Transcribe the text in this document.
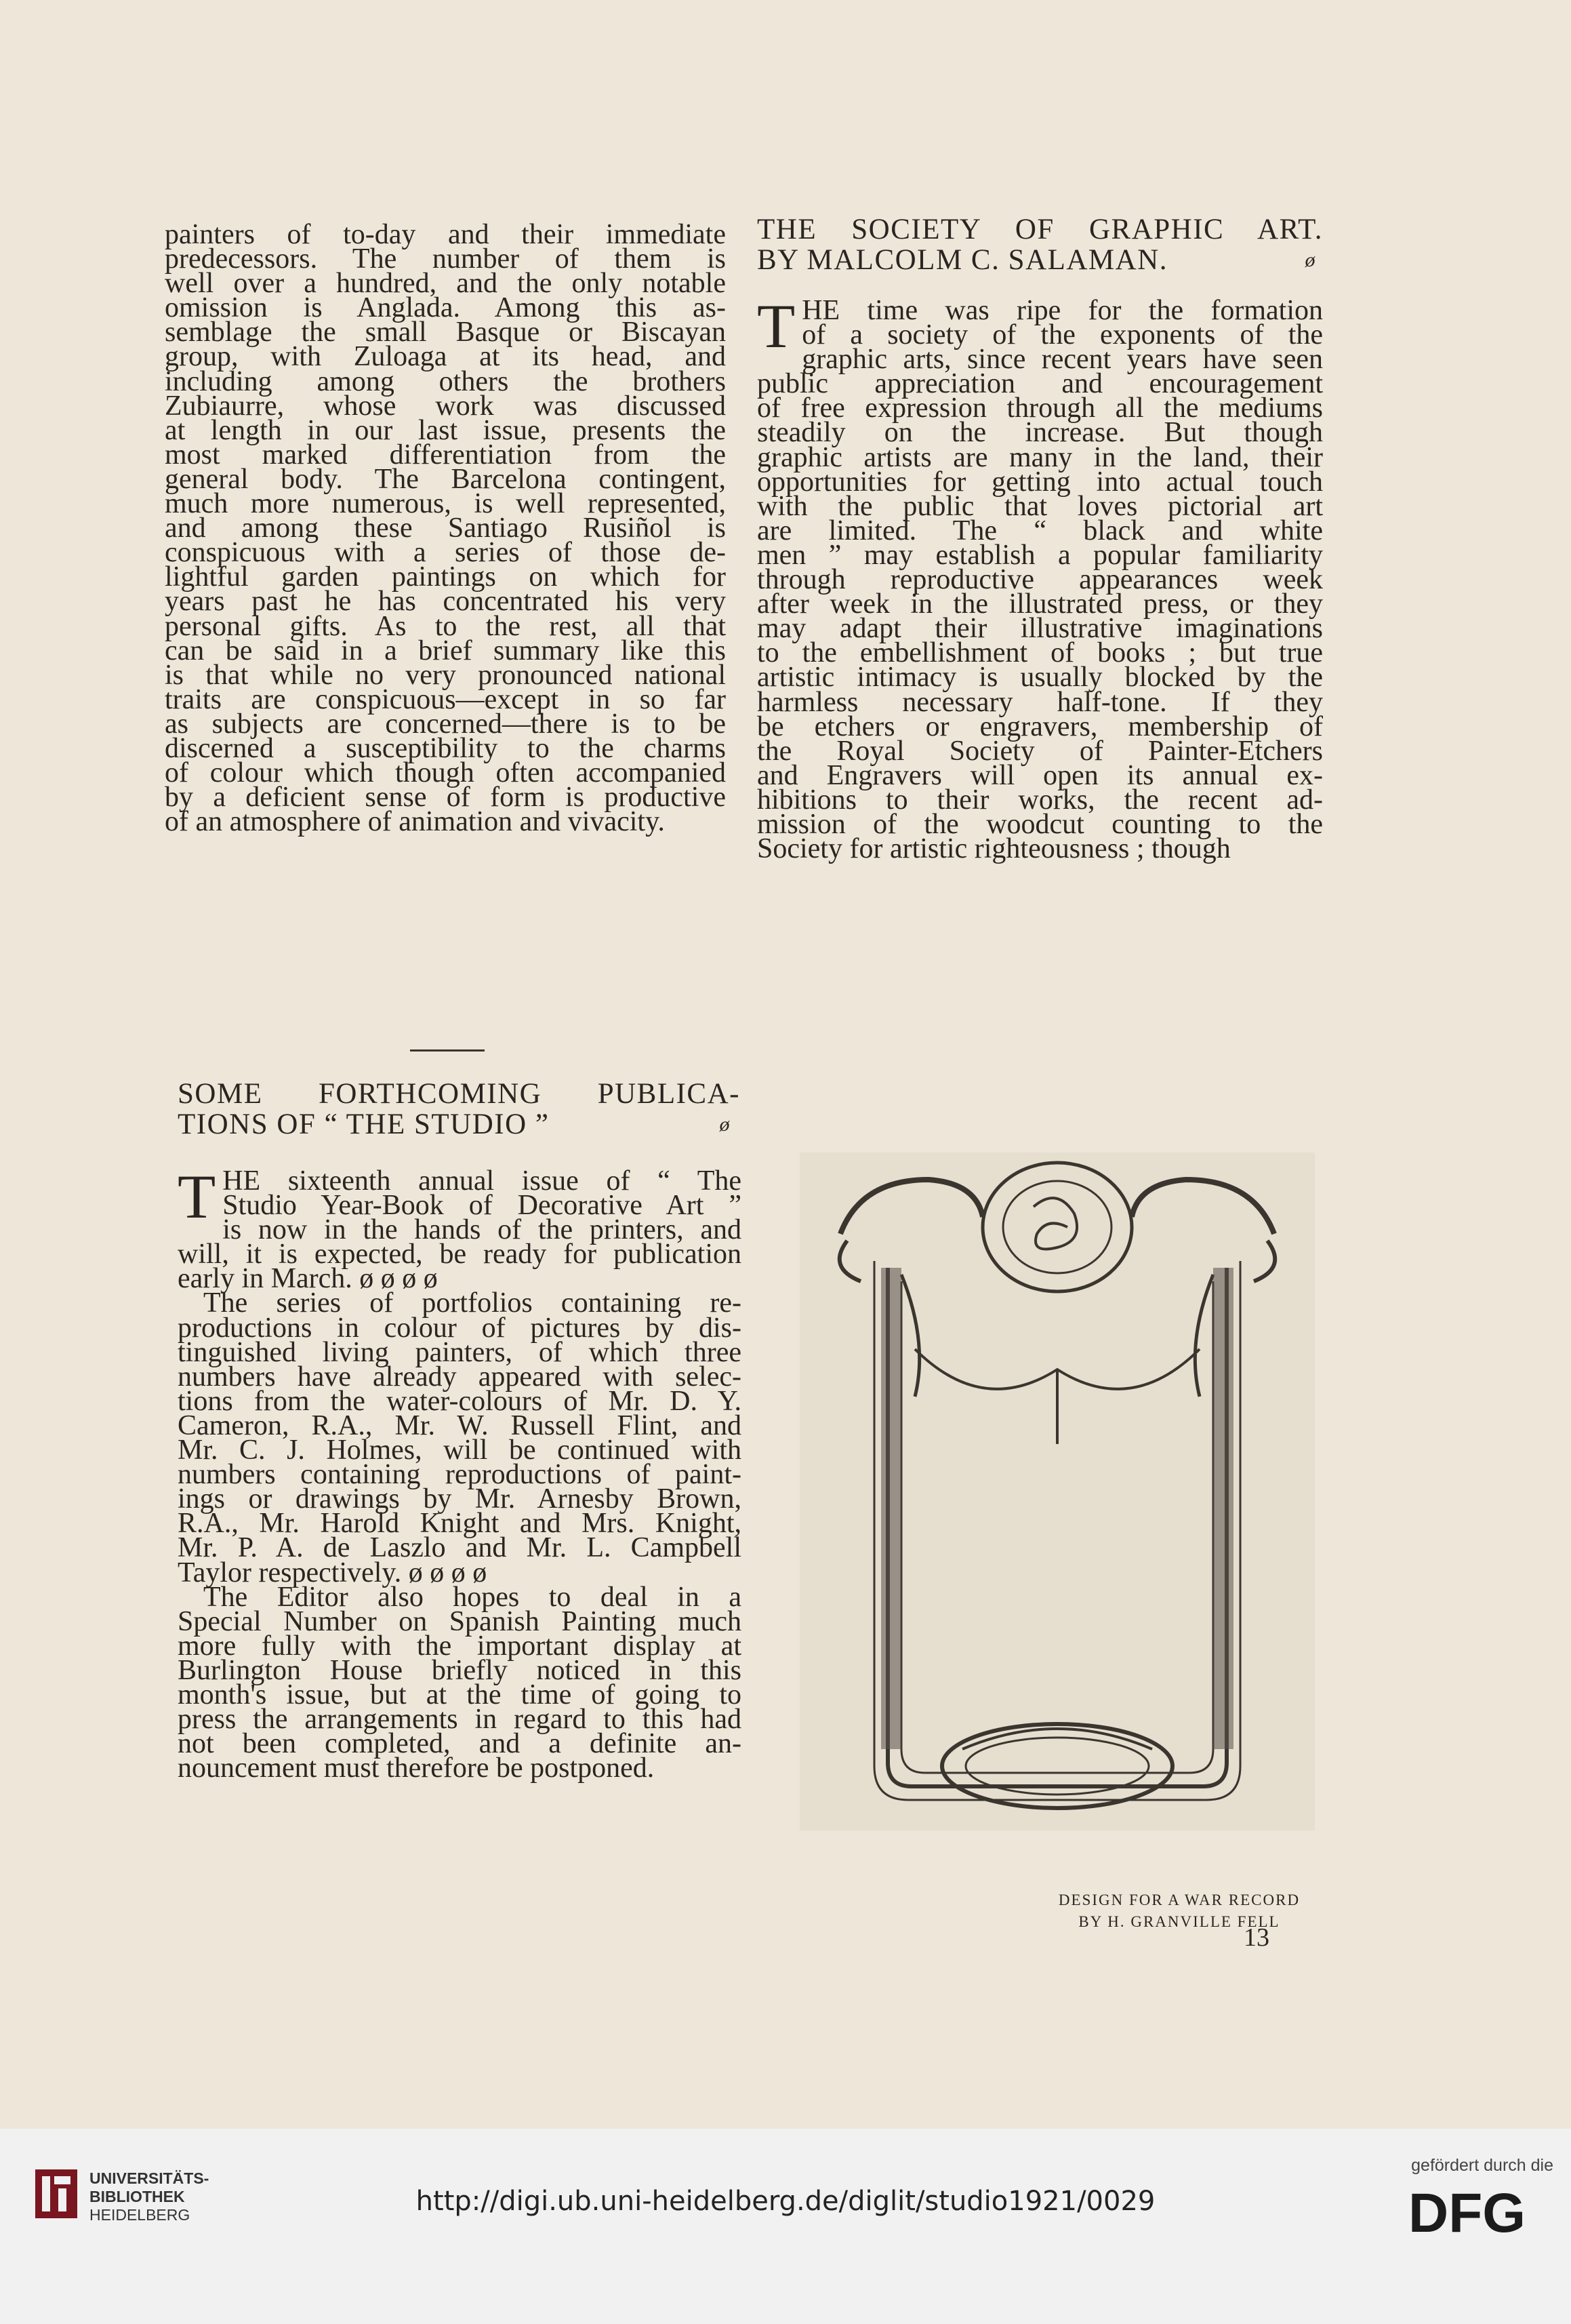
painters of to-day and their immediate
predecessors. The number of them is
well over a hundred, and the only notable
omission is Anglada. Among this as-
semblage the small Basque or Biscayan
group, with Zuloaga at its head, and
including among others the brothers
Zubiaurre, whose work was discussed
at length in our last issue, presents the
most marked differentiation from the
general body. The Barcelona contingent,
much more numerous, is well represented,
and among these Santiago Rusiñol is
conspicuous with a series of those de-
lightful garden paintings on which for
years past he has concentrated his very
personal gifts. As to the rest, all that
can be said in a brief summary like this
is that while no very pronounced national
traits are conspicuous—except in so far
as subjects are concerned—there is to be
discerned a susceptibility to the charms
of colour which though often accompanied
by a deficient sense of form is productive
of an atmosphere of animation and vivacity.

SOME FORTHCOMING PUBLICA-
TIONS OF “ THE STUDIO ”	ø

T HE sixteenth annual issue of “ The
Studio Year-Book of Decorative Art ”
is now in the hands of the printers, and
will, it is expected, be ready for publication
early in March. ø ø ø ø

The series of portfolios containing re-
productions in colour of pictures by dis-
tinguished living painters, of which three
numbers have already appeared with selec-
tions from the water-colours of Mr. D. Y.
Cameron, R.A., Mr. W. Russell Flint, and
Mr. C. J. Holmes, will be continued with
numbers containing reproductions of paint-
ings or drawings by Mr. Arnesby Brown,
R.A., Mr. Harold Knight and Mrs. Knight,
Mr. P. A. de Laszlo and Mr. L. Campbell
Taylor respectively. ø ø ø ø

The Editor also hopes to deal in a
Special Number on Spanish Painting much
more fully with the important display at
Burlington House briefly noticed in this
month's issue, but at the time of going to
press the arrangements in regard to this had
not been completed, and a definite an-
nouncement must therefore be postponed.

THE SOCIETY OF GRAPHIC ART.
BY MALCOLM C. SALAMAN.	ø

T HE time was ripe for the formation
of a society of the exponents of the
graphic arts, since recent years have seen
public appreciation and encouragement
of free expression through all the mediums
steadily on the increase. But though
graphic artists are many in the land, their
opportunities for getting into actual touch
with the public that loves pictorial art
are limited. The “ black and white
men ” may establish a popular familiarity
through reproductive appearances week
after week in the illustrated press, or they
may adapt their illustrative imaginations
to the embellishment of books ; but true
artistic intimacy is usually blocked by the
harmless necessary half-tone. If they
be etchers or engravers, membership of
the Royal Society of Painter-Etchers
and Engravers will open its annual ex-
hibitions to their works, the recent ad-
mission of the woodcut counting to the
Society for artistic righteousness ; though

DESIGN FOR A WAR RECORD
BY H. GRANVILLE FELL
13
UNIVERSITÄTS-
BIBLIOTHEK
HEIDELBERG	http://digi.ub.uni-heidelberg.de/diglit/studio1921/0029
gefördert durch die
DFG
